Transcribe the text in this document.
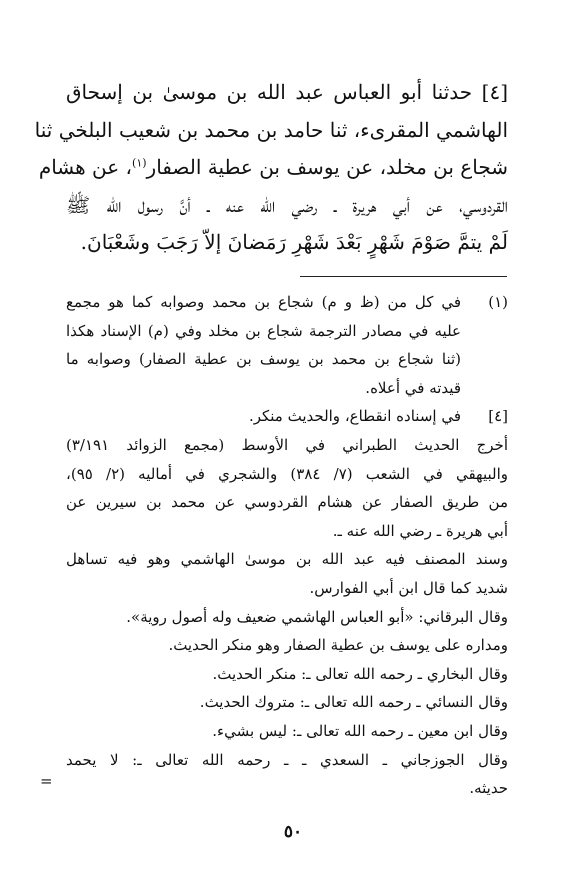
[٤] حدثنا أبو العباس عبد الله بن موسىٰ بن إسحاق
الهاشمي المقرىء، ثنا حامد بن محمد بن شعيب البلخي ثنا
شجاع بن مخلد، عن يوسف بن عطية الصفار$^{(١)}$، عن هشام
القردوسي، عن أبي هريرة ـ رضي الله عنه ـ أنَّ رسول الله ﷺ
لَمْ يتمَّ صَوْمَ شَهْرٍ بَعْدَ شَهْرِ رَمَضانَ إلاّ رَجَبَ وشَعْبَانَ.
(١)
في كل من (ظ و م) شجاع بن محمد وصوابه كما هو مجمع
عليه في مصادر الترجمة شجاع بن مخلد وفي (م) الإسناد هكذا
(ثنا شجاع بن محمد بن يوسف بن عطية الصفار) وصوابه ما
قيدته في أعلاه.
[٤]
في إسناده انقطاع، والحديث منكر.
أخرج الحديث الطبراني في الأوسط (مجمع الزوائد ٣/١٩١)
والبيهقي في الشعب (٧/ ٣٨٤) والشجري في أماليه (٢/ ٩٥)،
من طريق الصفار عن هشام القردوسي عن محمد بن سيرين عن
أبي هريرة ـ رضي الله عنه ـ.
وسند المصنف فيه عبد الله بن موسىٰ الهاشمي وهو فيه تساهل
شديد كما قال ابن أبي الفوارس.
وقال البرقاني: «أبو العباس الهاشمي ضعيف وله أصول روية».
ومداره على يوسف بن عطية الصفار وهو منكر الحديث.
وقال البخاري ـ رحمه الله تعالى ـ: منكر الحديث.
وقال النسائي ـ رحمه الله تعالى ـ: متروك الحديث.
وقال ابن معين ـ رحمه الله تعالى ـ: ليس بشيء.
وقال الجوزجاني ـ السعدي ـ ـ رحمه الله تعالى ـ: لا يحمد
حديثه.
=
٥٠
